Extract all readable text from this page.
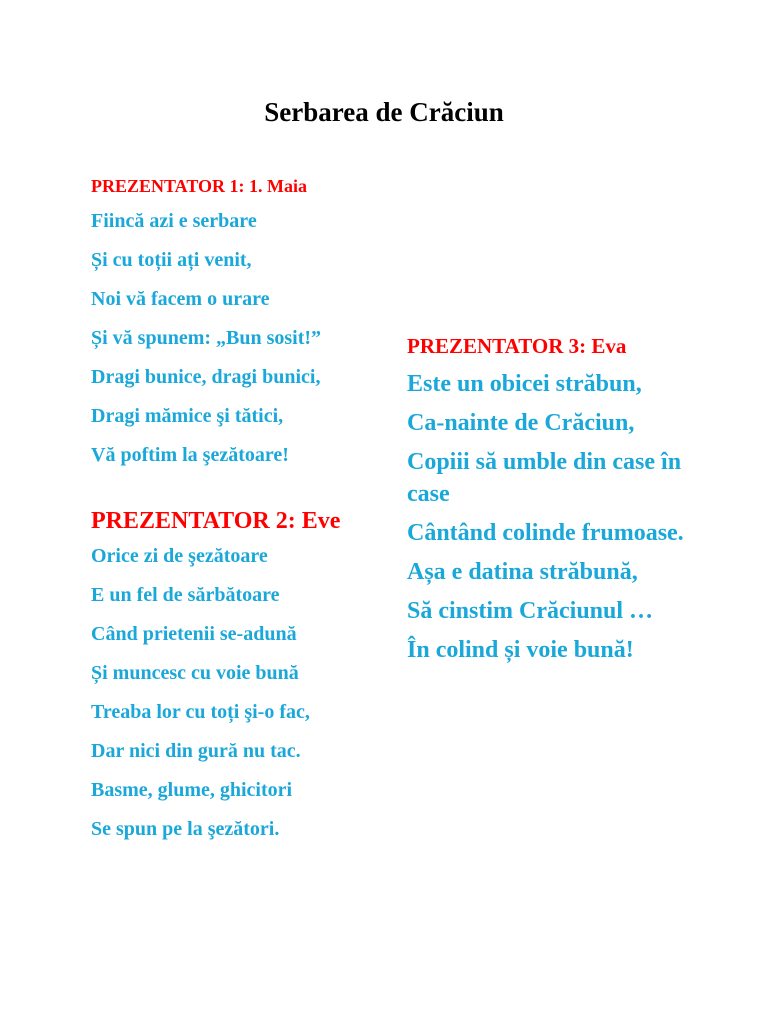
Serbarea de Crăciun

PREZENTATOR 1: 1. Maia

Fiincă azi e serbare

Și cu toții ați venit,

Noi vă facem o urare

Și vă spunem: „Bun sosit!”

Dragi bunice, dragi bunici,

Dragi mămice şi tătici,

Vă poftim la şezătoare!

PREZENTATOR 2: Eve

Orice zi de şezătoare

E un fel de sărbătoare

Când prietenii se-adună

Și muncesc cu voie bună

Treaba lor cu toți şi-o fac,

Dar nici din gură nu tac.

Basme, glume, ghicitori

Se spun pe la şezători.

PREZENTATOR 3: Eva

Este un obicei străbun,

Ca-nainte de Crăciun,

Copiii să umble din case în case

Cântând colinde frumoase.

Așa e datina străbună,

Să cinstim Crăciunul …

În colind și voie bună!
